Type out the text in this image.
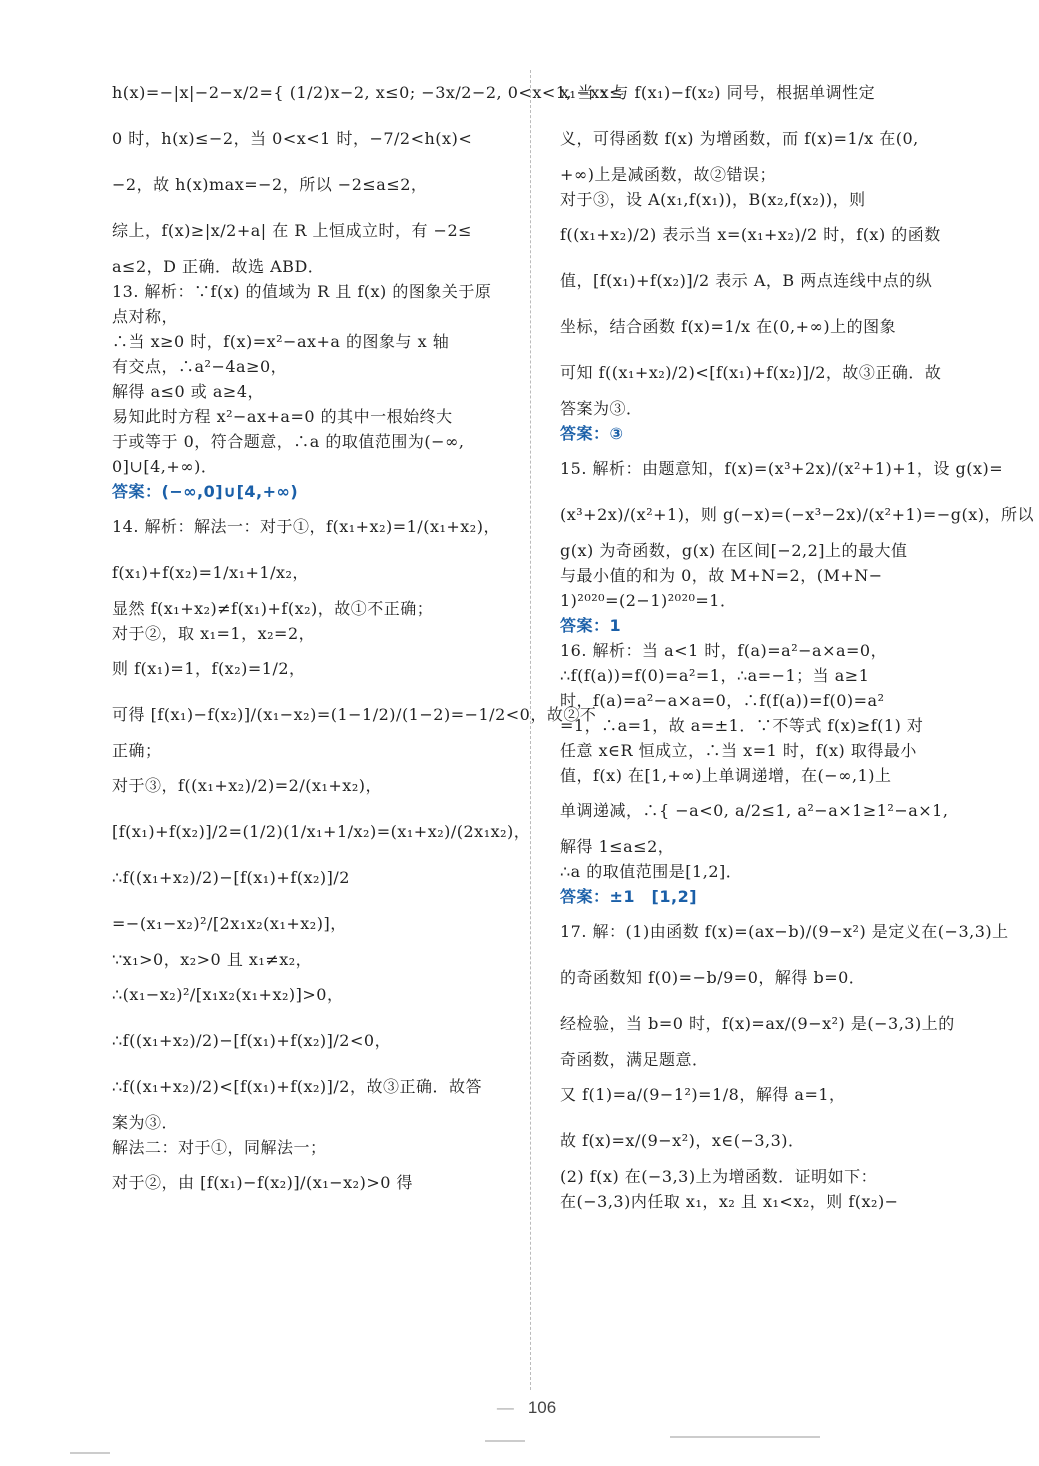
h(x)=−|x|−2−x/2={ (1/2)x−2, x≤0; −3x/2−2, 0<x<1, 当 x≤
0 时，h(x)≤−2，当 0<x<1 时，−7/2<h(x)<
−2，故 h(x)max=−2，所以 −2≤a≤2，
综上，f(x)≥|x/2+a| 在 R 上恒成立时，有 −2≤
a≤2，D 正确．故选 ABD．
13. 解析：∵f(x) 的值域为 R 且 f(x) 的图象关于原
点对称，
∴当 x≥0 时，f(x)=x²−ax+a 的图象与 x 轴
有交点，∴a²−4a≥0，
解得 a≤0 或 a≥4，
易知此时方程 x²−ax+a=0 的其中一根始终大
于或等于 0，符合题意，∴a 的取值范围为(−∞,
0]∪[4,+∞)．
答案：(−∞,0]∪[4,+∞)
14. 解析：解法一：对于①，f(x₁+x₂)=1/(x₁+x₂)，
f(x₁)+f(x₂)=1/x₁+1/x₂，
显然 f(x₁+x₂)≠f(x₁)+f(x₂)，故①不正确；
对于②，取 x₁=1，x₂=2，
则 f(x₁)=1，f(x₂)=1/2，
可得 [f(x₁)−f(x₂)]/(x₁−x₂)=(1−1/2)/(1−2)=−1/2<0，故②不
正确；
对于③，f((x₁+x₂)/2)=2/(x₁+x₂)，
[f(x₁)+f(x₂)]/2=(1/2)(1/x₁+1/x₂)=(x₁+x₂)/(2x₁x₂)，
∴f((x₁+x₂)/2)−[f(x₁)+f(x₂)]/2
=−(x₁−x₂)²/[2x₁x₂(x₁+x₂)]，
∵x₁>0，x₂>0 且 x₁≠x₂，
∴(x₁−x₂)²/[x₁x₂(x₁+x₂)]>0，
∴f((x₁+x₂)/2)−[f(x₁)+f(x₂)]/2<0，
∴f((x₁+x₂)/2)<[f(x₁)+f(x₂)]/2，故③正确．故答
案为③．
解法二：对于①，同解法一；
对于②，由 [f(x₁)−f(x₂)]/(x₁−x₂)>0 得
x₁−x₂ 与 f(x₁)−f(x₂) 同号，根据单调性定
义，可得函数 f(x) 为增函数，而 f(x)=1/x 在(0,
+∞)上是减函数，故②错误；
对于③，设 A(x₁,f(x₁))，B(x₂,f(x₂))，则
f((x₁+x₂)/2) 表示当 x=(x₁+x₂)/2 时，f(x) 的函数
值，[f(x₁)+f(x₂)]/2 表示 A，B 两点连线中点的纵
坐标，结合函数 f(x)=1/x 在(0,+∞)上的图象
可知 f((x₁+x₂)/2)<[f(x₁)+f(x₂)]/2，故③正确．故
答案为③．
答案：③
15. 解析：由题意知，f(x)=(x³+2x)/(x²+1)+1，设 g(x)=
(x³+2x)/(x²+1)，则 g(−x)=(−x³−2x)/(x²+1)=−g(x)，所以
g(x) 为奇函数，g(x) 在区间[−2,2]上的最大值
与最小值的和为 0，故 M+N=2，(M+N−
1)²⁰²⁰=(2−1)²⁰²⁰=1．
答案：1
16. 解析：当 a<1 时，f(a)=a²−a×a=0，
∴f(f(a))=f(0)=a²=1，∴a=−1；当 a≥1
时，f(a)=a²−a×a=0，∴f(f(a))=f(0)=a²
=1，∴a=1，故 a=±1．∵不等式 f(x)≥f(1) 对
任意 x∈R 恒成立，∴当 x=1 时，f(x) 取得最小
值，f(x) 在[1,+∞)上单调递增，在(−∞,1)上
单调递减，∴{ −a<0, a/2≤1, a²−a×1≥1²−a×1,
解得 1≤a≤2，
∴a 的取值范围是[1,2]．
答案：±1　[1,2]
17. 解：(1)由函数 f(x)=(ax−b)/(9−x²) 是定义在(−3,3)上
的奇函数知 f(0)=−b/9=0，解得 b=0．
经检验，当 b=0 时，f(x)=ax/(9−x²) 是(−3,3)上的
奇函数，满足题意．
又 f(1)=a/(9−1²)=1/8，解得 a=1，
故 f(x)=x/(9−x²)，x∈(−3,3)．
(2) f(x) 在(−3,3)上为增函数．证明如下：
在(−3,3)内任取 x₁，x₂ 且 x₁<x₂，则 f(x₂)−
— 106
